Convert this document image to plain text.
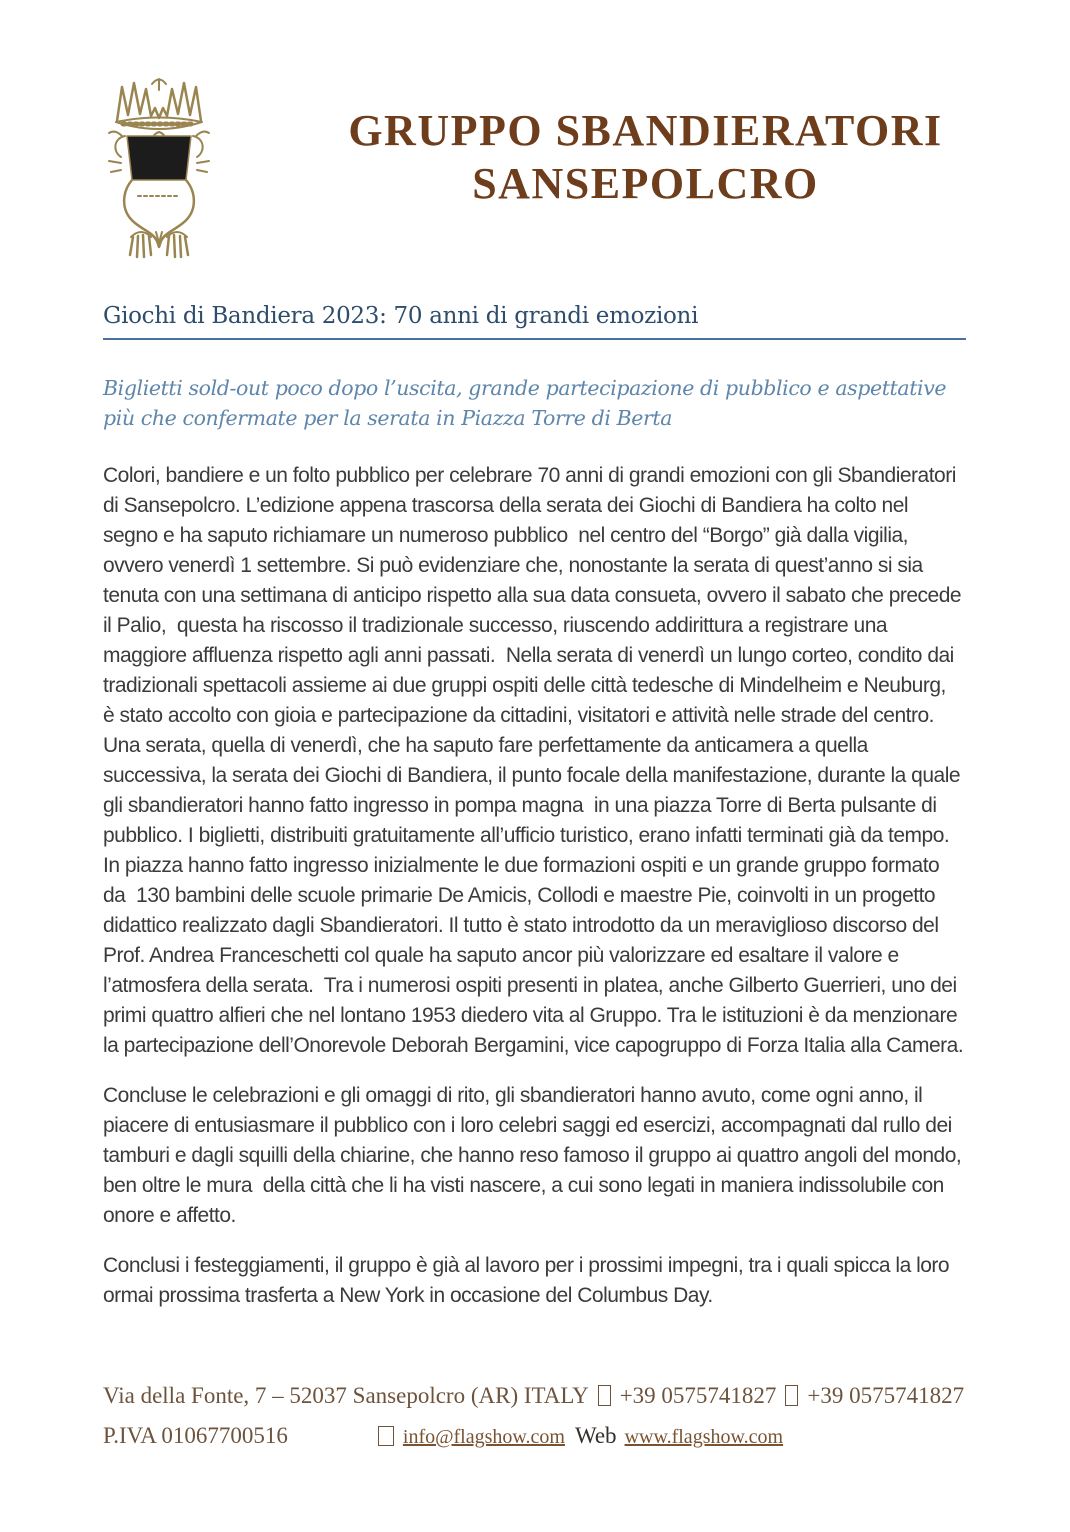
GRUPPO SBANDIERATORI
SANSEPOLCRO
Giochi di Bandiera 2023: 70 anni di grandi emozioni

Biglietti sold-out poco dopo l’uscita, grande partecipazione di pubblico e aspettative più che confermate per la serata in Piazza Torre di Berta

Colori, bandiere e un folto pubblico per celebrare 70 anni di grandi emozioni con gli Sbandieratori di Sansepolcro. L’edizione appena trascorsa della serata dei Giochi di Bandiera ha colto nel segno e ha saputo richiamare un numeroso pubblico  nel centro del “Borgo” già dalla vigilia, ovvero venerdì 1 settembre. Si può evidenziare che, nonostante la serata di quest’anno si sia tenuta con una settimana di anticipo rispetto alla sua data consueta, ovvero il sabato che precede il Palio,  questa ha riscosso il tradizionale successo, riuscendo addirittura a registrare una maggiore affluenza rispetto agli anni passati.  Nella serata di venerdì un lungo corteo, condito dai tradizionali spettacoli assieme ai due gruppi ospiti delle città tedesche di Mindelheim e Neuburg,  è stato accolto con gioia e partecipazione da cittadini, visitatori e attività nelle strade del centro. Una serata, quella di venerdì, che ha saputo fare perfettamente da anticamera a quella successiva, la serata dei Giochi di Bandiera, il punto focale della manifestazione, durante la quale gli sbandieratori hanno fatto ingresso in pompa magna  in una piazza Torre di Berta pulsante di pubblico. I biglietti, distribuiti gratuitamente all’ufficio turistico, erano infatti terminati già da tempo. In piazza hanno fatto ingresso inizialmente le due formazioni ospiti e un grande gruppo formato da  130 bambini delle scuole primarie De Amicis, Collodi e maestre Pie, coinvolti in un progetto didattico realizzato dagli Sbandieratori. Il tutto è stato introdotto da un meraviglioso discorso del Prof. Andrea Franceschetti col quale ha saputo ancor più valorizzare ed esaltare il valore e l’atmosfera della serata.  Tra i numerosi ospiti presenti in platea, anche Gilberto Guerrieri, uno dei primi quattro alfieri che nel lontano 1953 diedero vita al Gruppo. Tra le istituzioni è da menzionare la partecipazione dell’Onorevole Deborah Bergamini, vice capogruppo di Forza Italia alla Camera.

Concluse le celebrazioni e gli omaggi di rito, gli sbandieratori hanno avuto, come ogni anno, il piacere di entusiasmare il pubblico con i loro celebri saggi ed esercizi, accompagnati dal rullo dei tamburi e dagli squilli della chiarine, che hanno reso famoso il gruppo ai quattro angoli del mondo, ben oltre le mura  della città che li ha visti nascere, a cui sono legati in maniera indissolubile con onore e affetto.

Conclusi i festeggiamenti, il gruppo è già al lavoro per i prossimi impegni, tra i quali spicca la loro ormai prossima trasferta a New York in occasione del Columbus Day.

Via della Fonte, 7 – 52037 Sansepolcro (AR) ITALY +39 0575741827 +39 0575741827
P.IVA 01067700516	info@flagshow.com Web www.flagshow.com
